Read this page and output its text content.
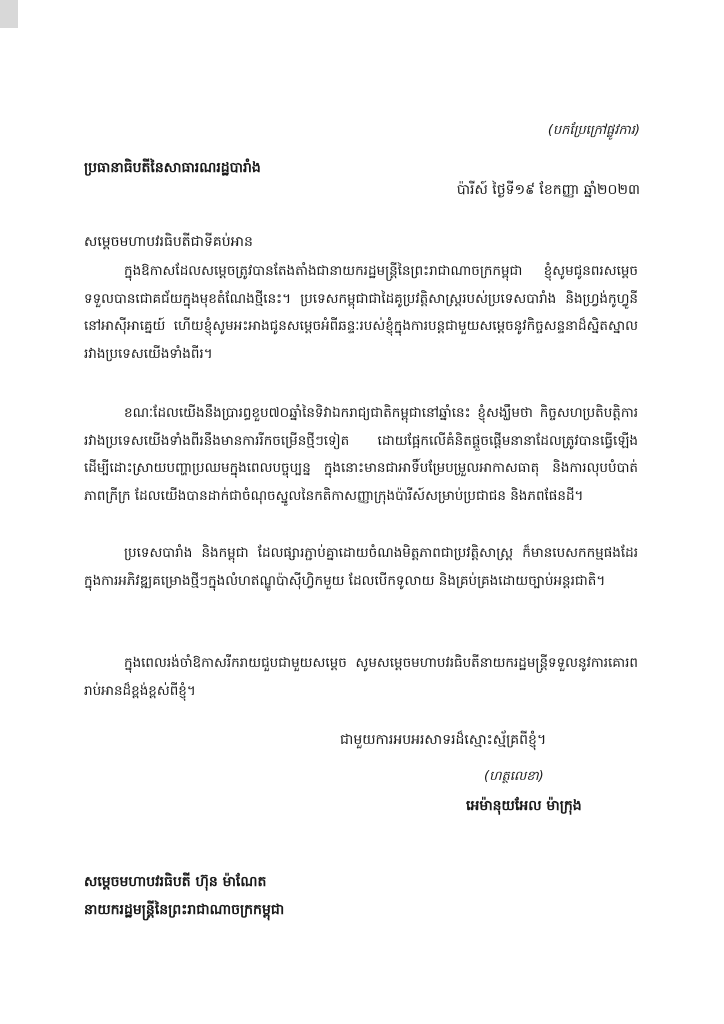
(បកប្រែក្រៅផ្លូវការ)

ប្រធានាធិបតីនៃសាធារណរដ្ឋបារាំង

ប៉ារីស៍ ថ្ងៃទី១៩ ខែកញ្ញា ឆ្នាំ២០២៣

សម្តេចមហាបវរធិបតីជាទីគប់អាន

ក្នុងឱកាសដែលសម្តេចត្រូវបានតែងតាំងជានាយករដ្ឋមន្ត្រីនៃព្រះរាជាណាចក្រកម្ពុជា ខ្ញុំសូមជូនពរសម្តេចទទួលបានជោគជ័យក្នុងមុខតំណែងថ្មីនេះ។ ប្រទេសកម្ពុជាជាដៃគូប្រវត្តិសាស្ត្ររបស់ប្រទេសបារាំង និងហ្វ្រង់កូហ្វូនីនៅអាស៊ីអាគ្នេយ៍ ហើយខ្ញុំសូមអះអាងជូនសម្តេចអំពីឆន្ទៈរបស់ខ្ញុំក្នុងការបន្តជាមួយសម្តេចនូវកិច្ចសន្ទនាដ៏ស្និតស្នាលរវាងប្រទេសយើងទាំងពីរ។

ខណៈដែលយើងនឹងប្រារព្ធខួប៧០ឆ្នាំនៃទិវាឯករាជ្យជាតិកម្ពុជានៅឆ្នាំនេះ ខ្ញុំសង្ឃឹមថា កិច្ចសហប្រតិបត្តិការរវាងប្រទេសយើងទាំងពីរនឹងមានការរីកចម្រើនថ្មីៗទៀត ដោយផ្អែកលើគំនិតផ្តួចផ្តើមនានាដែលត្រូវបានធ្វើឡើងដើម្បីដោះស្រាយបញ្ហាប្រឈមក្នុងពេលបច្ចុប្បន្ន ក្នុងនោះមានជាអាទិ៍បម្រែបម្រួលអាកាសធាតុ និងការលុបបំបាត់ភាពក្រីក្រ ដែលយើងបានដាក់ជាចំណុចស្នូលនៃកតិកាសញ្ញាក្រុងប៉ារីស៍សម្រាប់ប្រជាជន និងភពផែនដី។

ប្រទេសបារាំង និងកម្ពុជា ដែលផ្សារភ្ជាប់គ្នាដោយចំណងមិត្តភាពជាប្រវត្តិសាស្ត្រ ក៏មានបេសកកម្មផងដែរក្នុងការអភិវឌ្ឍគម្រោងថ្មីៗក្នុងលំហឥណ្ឌូប៉ាស៊ីហ្វិកមួយ ដែលបើកទូលាយ និងគ្រប់គ្រងដោយច្បាប់អន្តរជាតិ។

ក្នុងពេលរង់ចាំឱកាសរីករាយជួបជាមួយសម្តេច សូមសម្តេចមហាបវរធិបតីនាយករដ្ឋមន្ត្រីទទួលនូវការគោរពរាប់អានដ៏ខ្ពង់ខ្ពស់ពីខ្ញុំ។

ជាមួយការអបអរសាទរដ៏ស្មោះស្ម័គ្រពីខ្ញុំ។

(ហត្ថលេខា)

អេម៉ានុយអែល ម៉ាក្រុង

សម្តេចមហាបវរធិបតី ហ៊ុន ម៉ាណែត
នាយករដ្ឋមន្ត្រីនៃព្រះរាជាណាចក្រកម្ពុជា
